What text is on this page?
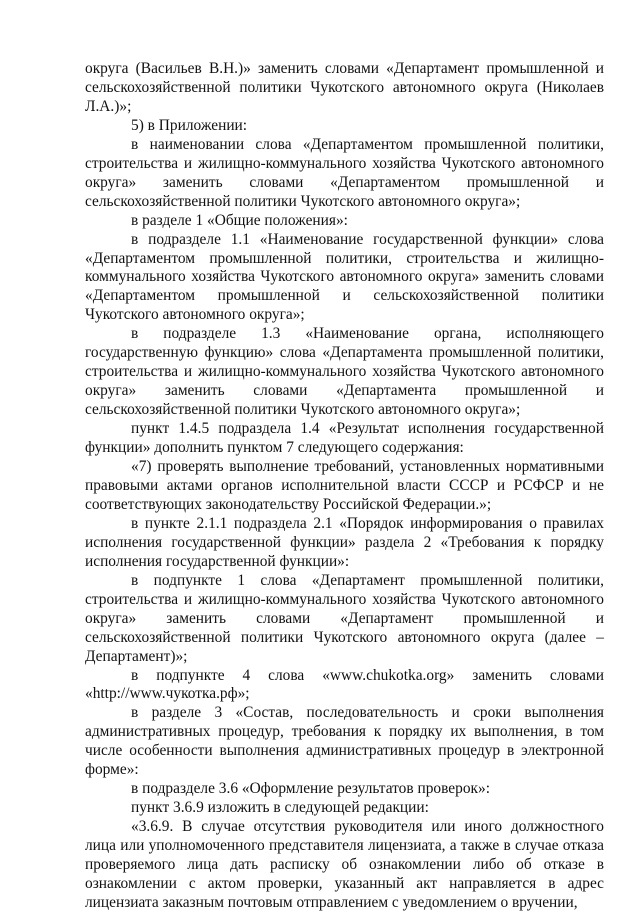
округа (Васильев В.Н.)» заменить словами «Департамент промышленной и сельскохозяйственной политики Чукотского автономного округа (Николаев Л.А.)»;

5) в Приложении:

в наименовании слова «Департаментом промышленной политики, строительства и жилищно-коммунального хозяйства Чукотского автономного округа» заменить словами «Департаментом промышленной и сельскохозяйственной политики Чукотского автономного округа»;

в разделе 1 «Общие положения»:

в подразделе 1.1 «Наименование государственной функции» слова «Департаментом промышленной политики, строительства и жилищно-коммунального хозяйства Чукотского автономного округа» заменить словами «Департаментом промышленной и сельскохозяйственной политики Чукотского автономного округа»;

в подразделе 1.3 «Наименование органа, исполняющего государственную функцию» слова «Департамента промышленной политики, строительства и жилищно-коммунального хозяйства Чукотского автономного округа» заменить словами «Департамента промышленной и сельскохозяйственной политики Чукотского автономного округа»;

пункт 1.4.5 подраздела 1.4 «Результат исполнения государственной функции» дополнить пунктом 7 следующего содержания:

«7) проверять выполнение требований, установленных нормативными правовыми актами органов исполнительной власти СССР и РСФСР и не соответствующих законодательству Российской Федерации.»;

в пункте 2.1.1 подраздела 2.1 «Порядок информирования о правилах исполнения государственной функции» раздела 2 «Требования к порядку исполнения государственной функции»:

в подпункте 1 слова «Департамент промышленной политики, строительства и жилищно-коммунального хозяйства Чукотского автономного округа» заменить словами «Департамент промышленной и сельскохозяйственной политики Чукотского автономного округа (далее – Департамент)»;

в подпункте 4 слова «www.chukotka.org» заменить словами «http://www.чукотка.рф»;

в разделе 3 «Состав, последовательность и сроки выполнения административных процедур, требования к порядку их выполнения, в том числе особенности выполнения административных процедур в электронной форме»:

в подразделе 3.6 «Оформление результатов проверок»:

пункт 3.6.9 изложить в следующей редакции:

«3.6.9. В случае отсутствия руководителя или иного должностного лица или уполномоченного представителя лицензиата, а также в случае отказа проверяемого лица дать расписку об ознакомлении либо об отказе в ознакомлении с актом проверки, указанный акт направляется в адрес лицензиата заказным почтовым отправлением с уведомлением о вручении,
